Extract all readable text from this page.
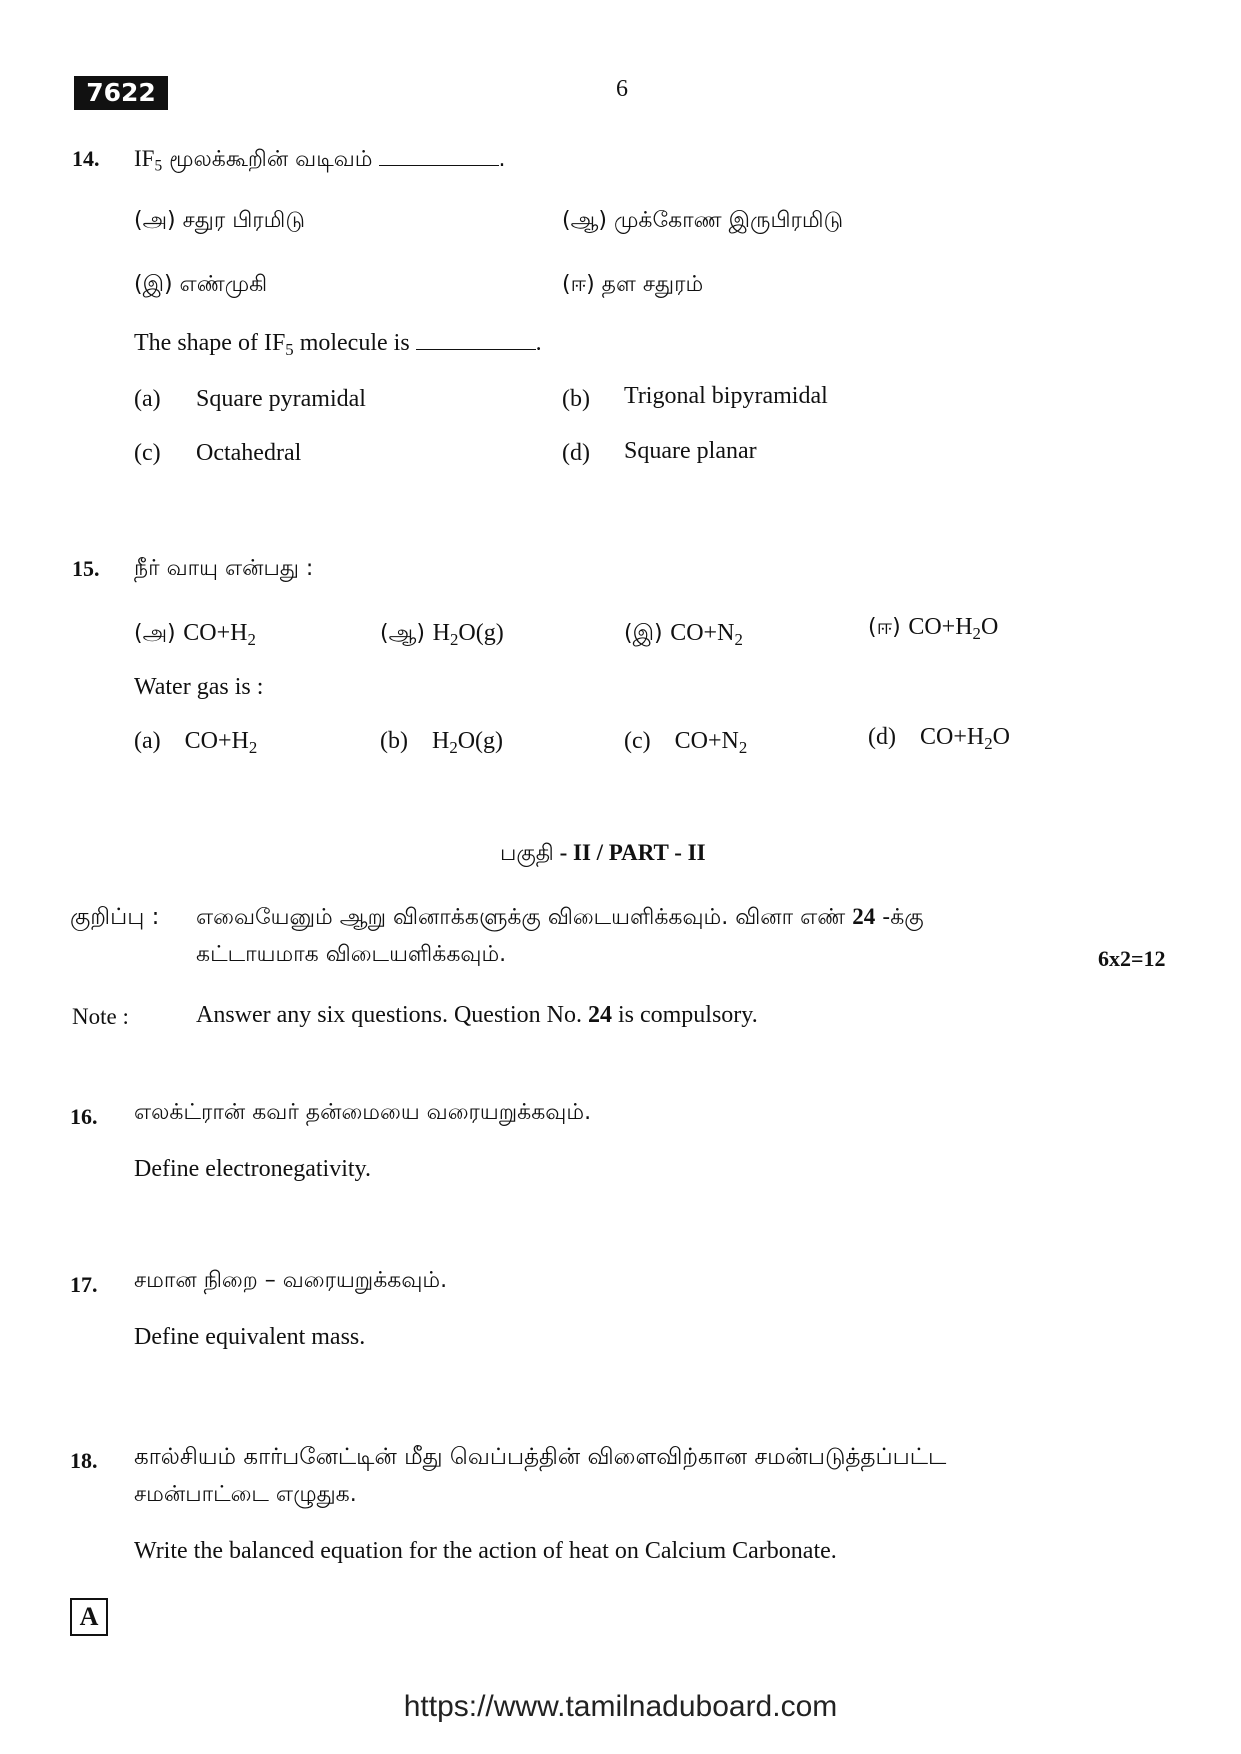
7622	6
14. $IF_5$ மூலக்கூறின் வடிவம்	.
(அ) சதுர பிரமிடு	(ஆ) முக்கோண இருபிரமிடு
(இ) எண்முகி	(ஈ) தள சதுரம்
The shape of $IF_5$ molecule is	.
(a) Square pyramidal	(b) Trigonal bipyramidal
(c) Octahedral	(d) Square planar
15. நீர் வாயு என்பது :
(அ) $CO+H_2$	(ஆ) $H_2O(g)$	(இ) $CO+N_2$	(ஈ) $CO+H_2O$
Water gas is :
(a) $CO+H_2$	(b) $H_2O(g)$	(c) $CO+N_2$	(d) $CO+H_2O$
பகுதி - II / PART - II
குறிப்பு : எவையேனும் ஆறு வினாக்களுக்கு விடையளிக்கவும். வினா எண் 24 -க்கு
கட்டாயமாக விடையளிக்கவும்.	6x2=12
Note :	Answer any six questions. Question No. 24 is compulsory.
16. எலக்ட்ரான் கவர் தன்மையை வரையறுக்கவும்.
Define electronegativity.
17. சமான நிறை – வரையறுக்கவும்.
Define equivalent mass.
18. கால்சியம் கார்பனேட்டின் மீது வெப்பத்தின் விளைவிற்கான சமன்படுத்தப்பட்ட
சமன்பாட்டை எழுதுக.
Write the balanced equation for the action of heat on Calcium Carbonate.
A
https://www.tamilnaduboard.com
